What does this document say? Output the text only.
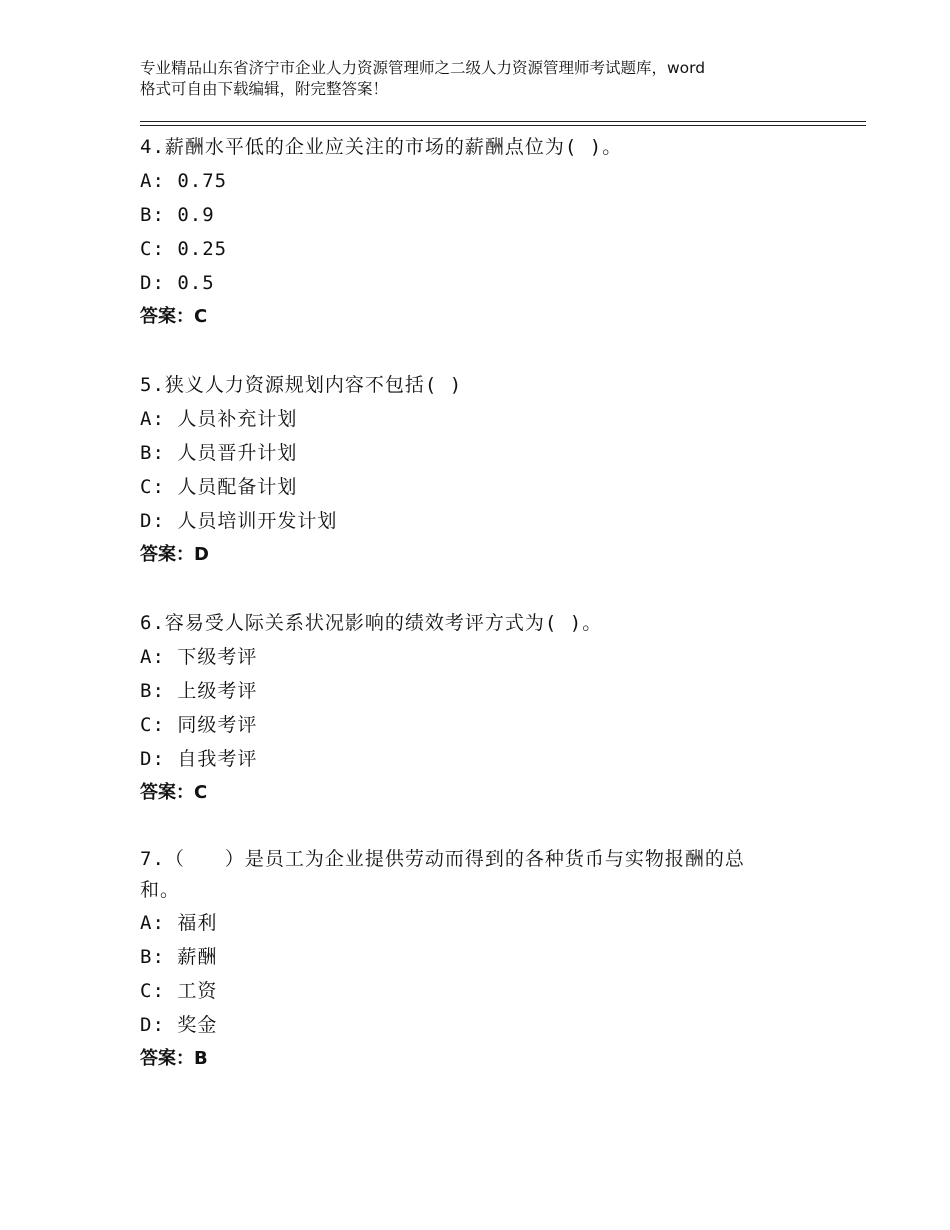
专业精品山东省济宁市企业人力资源管理师之二级人力资源管理师考试题库，word
格式可自由下载编辑，附完整答案！
4.薪酬水平低的企业应关注的市场的薪酬点位为( )。
A: 0.75
B: 0.9
C: 0.25
D: 0.5
答案：C
5.狭义人力资源规划内容不包括( )
A: 人员补充计划
B: 人员晋升计划
C: 人员配备计划
D: 人员培训开发计划
答案：D
6.容易受人际关系状况影响的绩效考评方式为( )。
A: 下级考评
B: 上级考评
C: 同级考评
D: 自我考评
答案：C
7.（　　）是员工为企业提供劳动而得到的各种货币与实物报酬的总
和。
A: 福利
B: 薪酬
C: 工资
D: 奖金
答案：B
